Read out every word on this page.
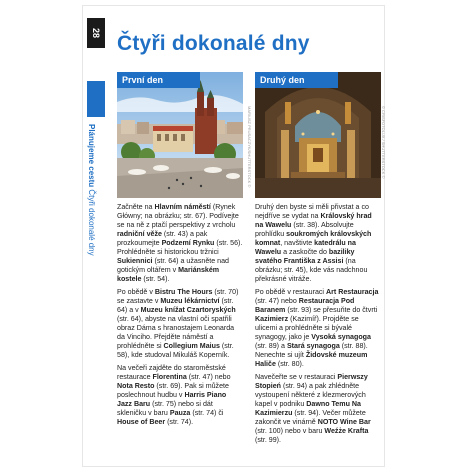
28
Plánujeme cestu Čtyři dokonalé dny
Čtyři dokonalé dny
První den
MARIUSZ PRUSACZYK/SHUTTERSTOCK ©
Druhý den
© CRISFOTOLUX / SHUTTERSTOCK ©

Začněte na Hlavním náměstí (Rynek Główny; na obrázku; str. 67). Podívejte se na ně z ptačí perspektivy z vrcholu radniční věže (str. 43) a pak prozkoumejte Podzemí Rynku (str. 56). Prohlédněte si historickou tržnici Sukiennici (str. 64) a užasněte nad gotickým oltářem v Mariánském kostele (str. 54).

Po obědě v Bistru The Hours (str. 70) se zastavte v Muzeu lékárnictví (str. 64) a v Muzeu knížat Czartoryských (str. 64), abyste na vlastní oči spatřili obraz Dáma s hranostajem Leonarda da Vinciho. Přejděte náměstí a prohlédněte si Collegium Maius (str. 58), kde studoval Mikuláš Koperník.

Na večeři zajděte do staroměstské restaurace Florentina (str. 47) nebo Nota Resto (str. 69). Pak si můžete poslechnout hudbu v Harris Piano Jazz Baru (str. 75) nebo si dát skleničku v baru Pauza (str. 74) či House of Beer (str. 74).

Druhý den byste si měli přivstat a co nejdříve se vydat na Královský hrad na Wawelu (str. 38). Absolvujte prohlídku soukromých královských komnat, navštivte katedrálu na Wawelu a zaskočte do baziliky svatého Františka z Assisi (na obrázku; str. 45), kde vás nadchnou překrásné vitráže.

Po obědě v restauraci Art Restauracja (str. 47) nebo Restauracja Pod Baranem (str. 93) se přesuňte do čtvrti Kazimierz (Kazimíř). Projděte se ulicemi a prohlédněte si bývalé synagogy, jako je Vysoká synagoga (str. 89) a Stará synagoga (str. 88). Nenechte si ujít Židovské muzeum Haliče (str. 80).

Navečeřte se v restauraci Pierwszy Stopień (str. 94) a pak zhlédněte vystoupení některé z klezmerových kapel v podniku Dawno Temu Na Kazimierzu (str. 94). Večer můžete zakončit ve vinárně NOTO Wine Bar (str. 100) nebo v baru Weźże Krafta (str. 99).
